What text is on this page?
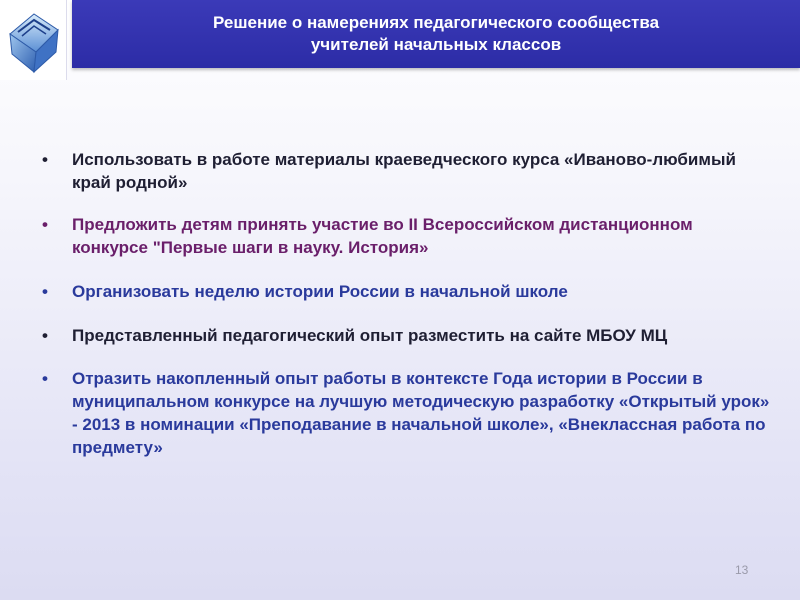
Решение о намерениях педагогического сообщества
учителей начальных классов
•	Использовать в работе материалы краеведческого курса «Иваново-любимый край родной»
•	Предложить детям принять участие во II Всероссийском дистанционном конкурсе "Первые шаги в науку. История»
•	Организовать неделю истории России в начальной школе
•	Представленный педагогический опыт разместить на сайте МБОУ МЦ
•	Отразить накопленный опыт работы в контексте Года истории в России в муниципальном конкурсе на лучшую методическую разработку «Открытый урок» - 2013 в номинации «Преподавание в начальной школе», «Внеклассная работа по предмету»
13
